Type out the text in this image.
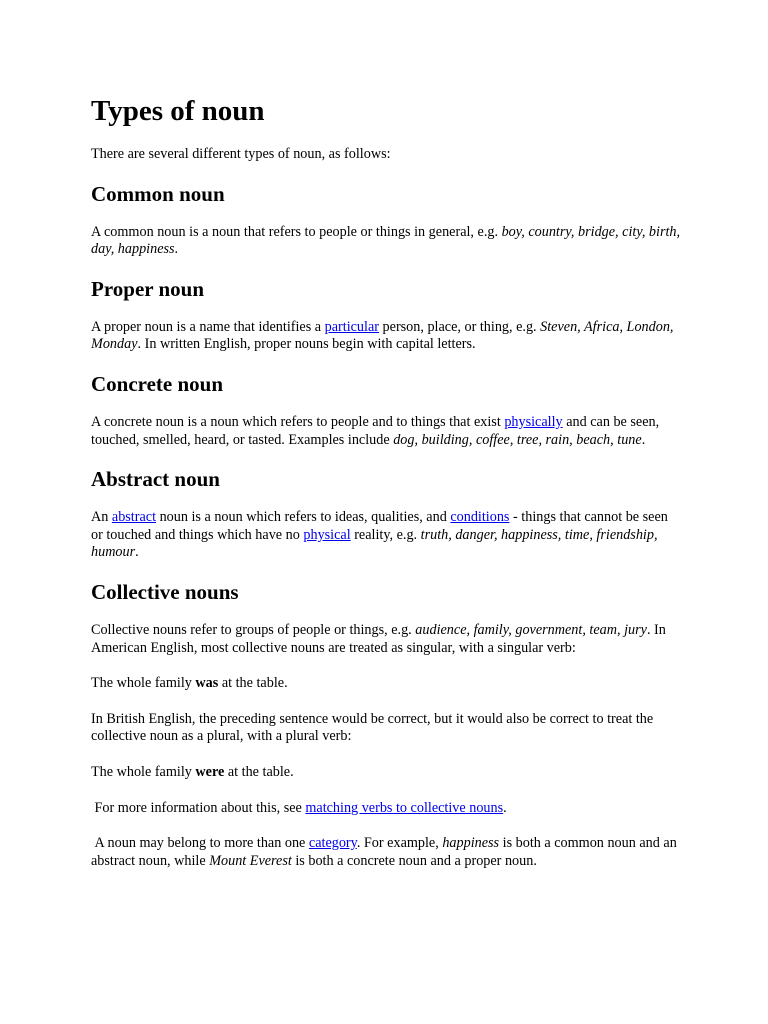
Types of noun

There are several different types of noun, as follows:

Common noun

A common noun is a noun that refers to people or things in general, e.g. boy, country, bridge, city, birth, day, happiness.

Proper noun

A proper noun is a name that identifies a particular person, place, or thing, e.g. Steven, Africa, London, Monday. In written English, proper nouns begin with capital letters.

Concrete noun

A concrete noun is a noun which refers to people and to things that exist physically and can be seen, touched, smelled, heard, or tasted. Examples include dog, building, coffee, tree, rain, beach, tune.

Abstract noun

An abstract noun is a noun which refers to ideas, qualities, and conditions - things that cannot be seen or touched and things which have no physical reality, e.g. truth, danger, happiness, time, friendship, humour.

Collective nouns

Collective nouns refer to groups of people or things, e.g. audience, family, government, team, jury. In American English, most collective nouns are treated as singular, with a singular verb:

The whole family was at the table.

In British English, the preceding sentence would be correct, but it would also be correct to treat the collective noun as a plural, with a plural verb:

The whole family were at the table.

For more information about this, see matching verbs to collective nouns.

A noun may belong to more than one category. For example, happiness is both a common noun and an abstract noun, while Mount Everest is both a concrete noun and a proper noun.
